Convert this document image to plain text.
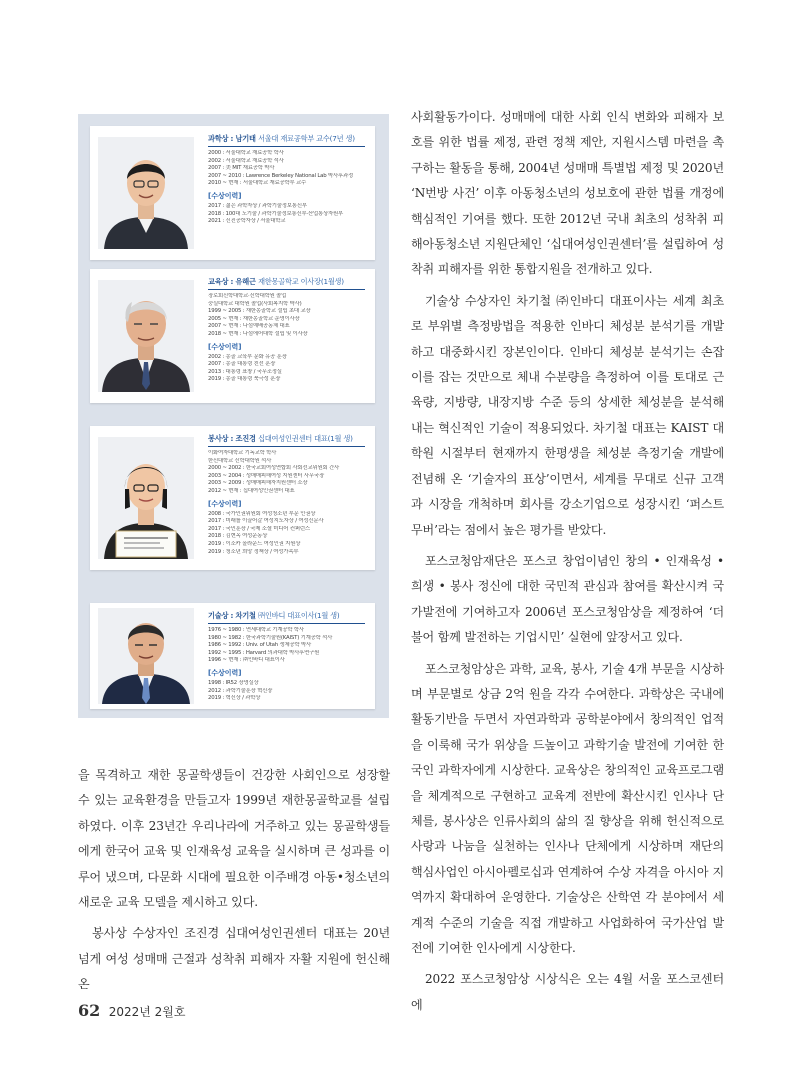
과학상 : 남기태 서울대 재료공학부 교수(7년 생)
2000 : 서울대학교 재료공학 학사
2002 : 서울대학교 재료공학 석사
2007 : 美 MIT 재료공학 박사
2007 ~ 2010 : Lawrence Berkeley National Lab 박사후과정
2010 ~ 현재 : 서울대학교 재료공학부 교수
[수상이력]
2017 : 젊은 과학자상 / 과학기술정보통신부
2018 : 100대 노기술 / 과학기술정보통신부·산업통상자원부
2021 : 신진공학자상 / 서울대학교
교육상 : 유해근 재한몽골학교 이사장(1월생)
장로회신학대학교·신학대학원 졸업
숭실대학교 대학원 졸업(사회복지학 박사)
1999 ~ 2005 : 재한몽골학교 설립 초대 교장
2005 ~ 현재 : 재한몽골학교 운영이사장
2007 ~ 현재 : 나섬예배공동체 대표
2018 ~ 현재 : 나섬에어대학 설립 및 이사장
[수상이력]
2002 : 몽골 교육부 문화 유공 훈장
2007 : 몽골 대통령 친선 훈장
2013 : 대통령 표창 / 국무조정실
2019 : 몽골 대통령 북극성 훈장
봉사상 : 조진경 십대여성인권센터 대표(1월 생)
이화여자대학교 기독교학 학사
한신대학교 신학대학원 석사
2000 ~ 2002 : 한국교회여성연합회 사회선교위원회 간사
2003 ~ 2004 : 성매매피해여성 지원센터 사무국장
2003 ~ 2009 : 성매매피해자지원센터 소장
2012 ~ 현재 : 십대여성인권센터 대표
[수상이력]
2008 : 국가인권위원회 여성청소년 부문 인권상
2017 : 미래를 이끌어갈 여성지도자상 / 여성신문사
2017 : 국민훈장 / 국제 소셜 미디어 컨퍼런스
2018 : 김현옥 여성운동상
2019 : 이소카 올라운드 여성인권 지원상
2019 : 청소년 희망 정책상 / 여성가족부
기술상 : 차기철 ㈜인바디 대표이사(1월 생)
1976 ~ 1980 : 연세대학교 기계공학 학사
1980 ~ 1982 : 한국과학기술원(KAIST) 기계공학 석사
1986 ~ 1992 : Univ. of Utah 생체공학 박사
1992 ~ 1995 : Harvard 의과대학 박사후연구원
1996 ~ 현재 : ㈜인바디 대표이사
[수상이력]
1998 : IR52 장영실상
2012 : 과학기술훈장 혁신장
2019 : 혁신상 / 과학상

을 목격하고 재한 몽골학생들이 건강한 사회인으로 성장할 수 있는 교육환경을 만들고자 1999년 재한몽골학교를 설립하였다. 이후 23년간 우리나라에 거주하고 있는 몽골학생들에게 한국어 교육 및 인재육성 교육을 실시하며 큰 성과를 이루어 냈으며, 다문화 시대에 필요한 이주배경 아동•청소년의 새로운 교육 모델을 제시하고 있다.

봉사상 수상자인 조진경 십대여성인권센터 대표는 20년 넘게 여성 성매매 근절과 성착취 피해자 자활 지원에 헌신해 온

사회활동가이다. 성매매에 대한 사회 인식 변화와 피해자 보호를 위한 법률 제정, 관련 정책 제안, 지원시스템 마련을 촉구하는 활동을 통해, 2004년 성매매 특별법 제정 및 2020년 ‘N번방 사건’ 이후 아동청소년의 성보호에 관한 법률 개정에 핵심적인 기여를 했다. 또한 2012년 국내 최초의 성착취 피해아동청소년 지원단체인 ‘십대여성인권센터’를 설립하여 성착취 피해자를 위한 통합지원을 전개하고 있다.

기술상 수상자인 차기철 ㈜인바디 대표이사는 세계 최초로 부위별 측정방법을 적용한 인바디 체성분 분석기를 개발하고 대중화시킨 장본인이다. 인바디 체성분 분석기는 손잡이를 잡는 것만으로 체내 수분량을 측정하여 이를 토대로 근육량, 지방량, 내장지방 수준 등의 상세한 체성분을 분석해 내는 혁신적인 기술이 적용되었다. 차기철 대표는 KAIST 대학원 시절부터 현재까지 한평생을 체성분 측정기술 개발에 전념해 온 ‘기술자의 표상’이면서, 세계를 무대로 신규 고객과 시장을 개척하며 회사를 강소기업으로 성장시킨 ‘퍼스트 무버’라는 점에서 높은 평가를 받았다.

포스코청암재단은 포스코 창업이념인 창의 • 인재육성 • 희생 • 봉사 정신에 대한 국민적 관심과 참여를 확산시켜 국가발전에 기여하고자 2006년 포스코청암상을 제정하여 ‘더불어 함께 발전하는 기업시민’ 실현에 앞장서고 있다.

포스코청암상은 과학, 교육, 봉사, 기술 4개 부문을 시상하며 부문별로 상금 2억 원을 각각 수여한다. 과학상은 국내에 활동기반을 두면서 자연과학과 공학분야에서 창의적인 업적을 이룩해 국가 위상을 드높이고 과학기술 발전에 기여한 한국인 과학자에게 시상한다. 교육상은 창의적인 교육프로그램을 체계적으로 구현하고 교육계 전반에 확산시킨 인사나 단체를, 봉사상은 인류사회의 삶의 질 향상을 위해 헌신적으로 사랑과 나눔을 실천하는 인사나 단체에게 시상하며 재단의 핵심사업인 아시아펠로십과 연계하여 수상 자격을 아시아 지역까지 확대하여 운영한다. 기술상은 산학연 각 분야에서 세계적 수준의 기술을 직접 개발하고 사업화하여 국가산업 발전에 기여한 인사에게 시상한다.

2022 포스코청암상 시상식은 오는 4월 서울 포스코센터에

62 2022년 2월호
